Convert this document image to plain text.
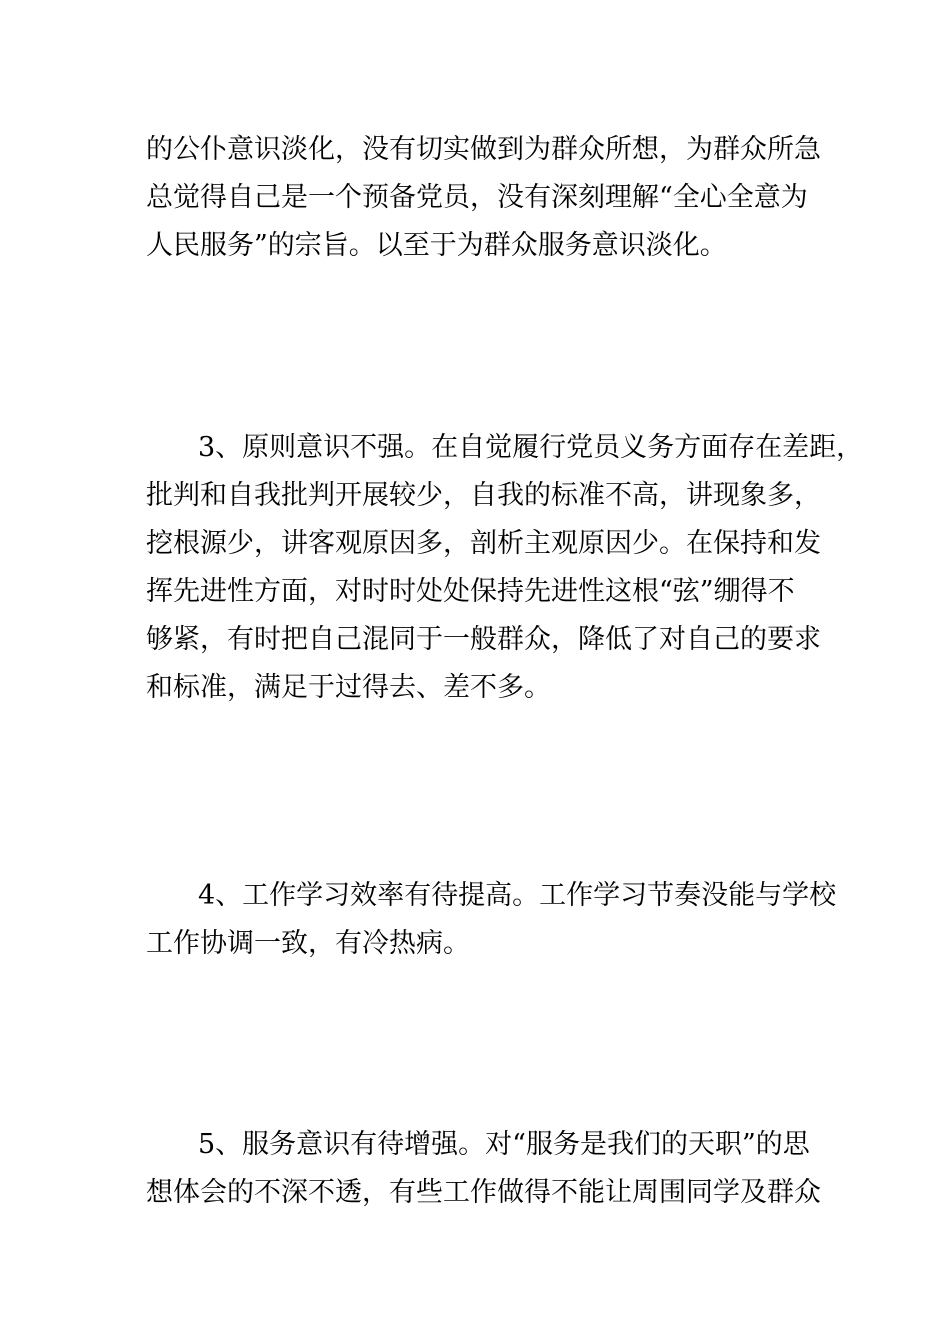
的公仆意识淡化，没有切实做到为群众所想，为群众所急
总觉得自己是一个预备党员，没有深刻理解“全心全意为
人民服务”的宗旨。以至于为群众服务意识淡化。
3、原则意识不强。在自觉履行党员义务方面存在差距，
批判和自我批判开展较少，自我的标准不高，讲现象多，
挖根源少，讲客观原因多，剖析主观原因少。在保持和发
挥先进性方面，对时时处处保持先进性这根“弦”绷得不
够紧，有时把自己混同于一般群众，降低了对自己的要求
和标准，满足于过得去、差不多。
4、工作学习效率有待提高。工作学习节奏没能与学校
工作协调一致，有冷热病。
5、服务意识有待增强。对“服务是我们的天职”的思
想体会的不深不透，有些工作做得不能让周围同学及群众
